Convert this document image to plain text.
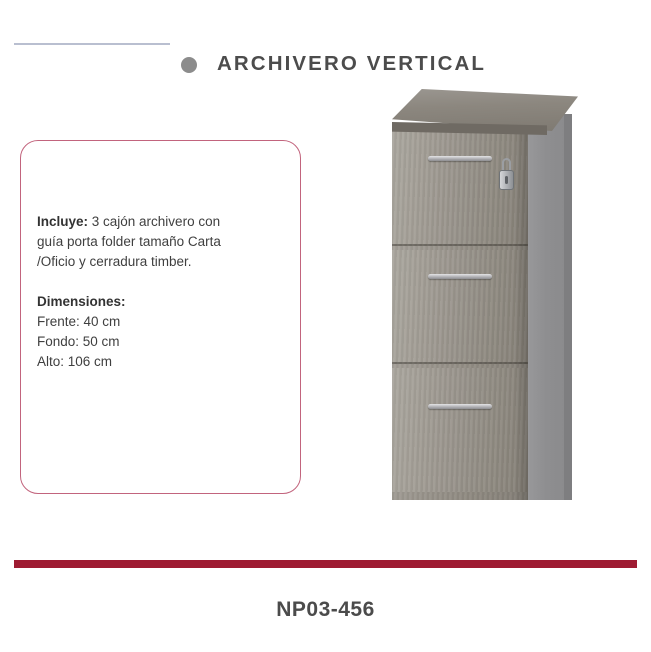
ARCHIVERO VERTICAL

Incluye: 3 cajón archivero con

guía porta folder tamaño Carta

/Oficio y cerradura timber.

Dimensiones:

Frente: 40 cm

Fondo: 50 cm

Alto: 106 cm

NP03-456
